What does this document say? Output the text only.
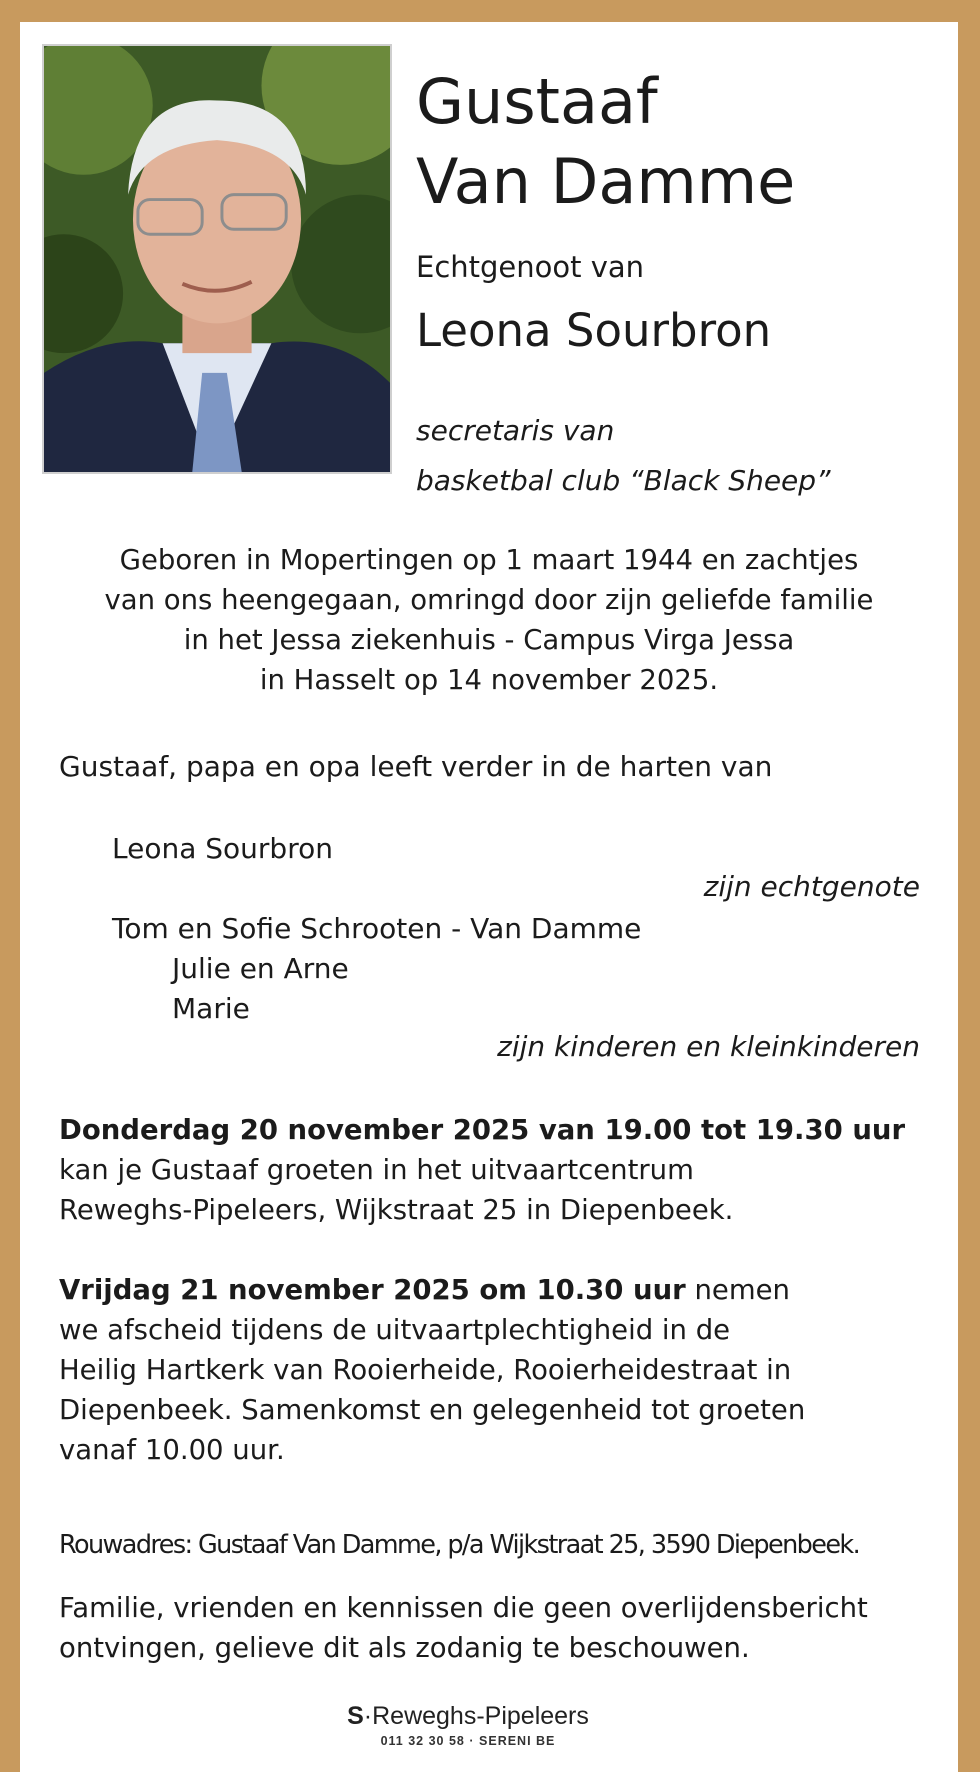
Gustaaf
Van Damme
Echtgenoot van
Leona Sourbron
secretaris van
basketbal club “Black Sheep”
Geboren in Mopertingen op 1 maart 1944 en zachtjes
van ons heengegaan, omringd door zijn geliefde familie
in het Jessa ziekenhuis - Campus Virga Jessa
in Hasselt op 14 november 2025.
Gustaaf, papa en opa leeft verder in de harten van
Leona Sourbron
zijn echtgenote
Tom en Sofie Schrooten - Van Damme
Julie en Arne
Marie
zijn kinderen en kleinkinderen
Donderdag 20 november 2025 van 19.00 tot 19.30 uur
kan je Gustaaf groeten in het uitvaartcentrum
Reweghs-Pipeleers, Wijkstraat 25 in Diepenbeek.
Vrijdag 21 november 2025 om 10.30 uur nemen
we afscheid tijdens de uitvaartplechtigheid in de
Heilig Hartkerk van Rooierheide, Rooierheidestraat in
Diepenbeek. Samenkomst en gelegenheid tot groeten
vanaf 10.00 uur.
Rouwadres: Gustaaf Van Damme, p/a Wijkstraat 25, 3590 Diepenbeek.
Familie, vrienden en kennissen die geen overlijdensbericht
ontvingen, gelieve dit als zodanig te beschouwen.
S·Reweghs-Pipeleers
011 32 30 58 · SERENI BE
